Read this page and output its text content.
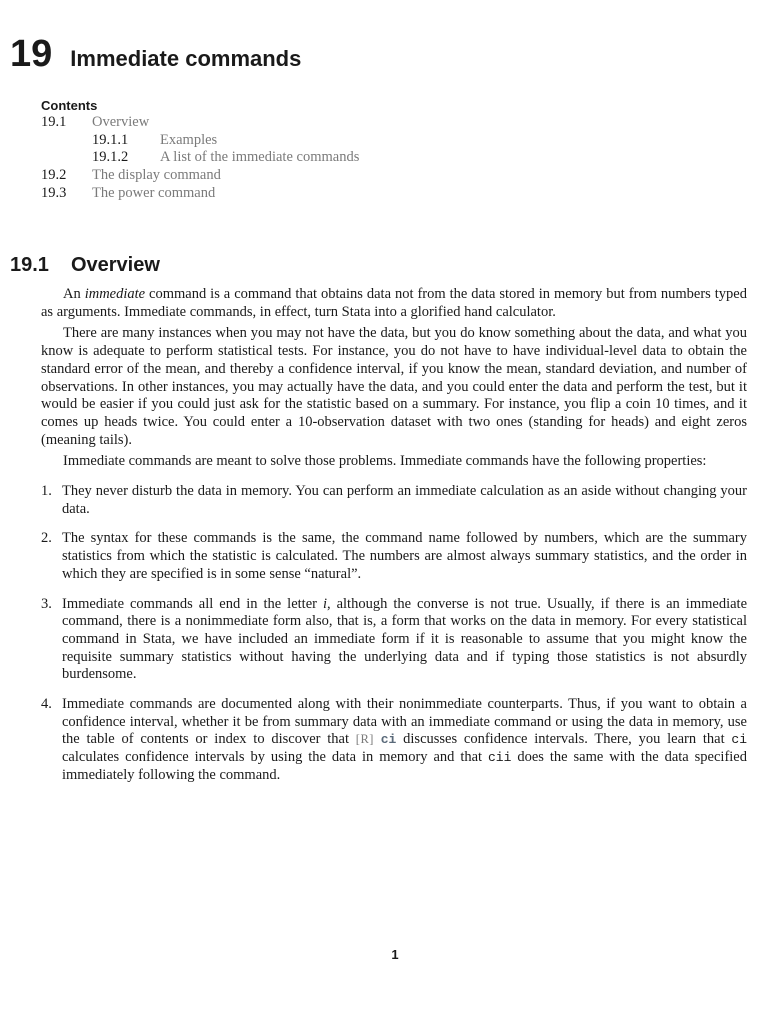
19 Immediate commands
Contents
19.1 Overview
19.1.1 Examples
19.1.2 A list of the immediate commands
19.2 The display command
19.3 The power command
19.1 Overview

An immediate command is a command that obtains data not from the data stored in memory but from numbers typed as arguments. Immediate commands, in effect, turn Stata into a glorified hand calculator.

There are many instances when you may not have the data, but you do know something about the data, and what you know is adequate to perform statistical tests. For instance, you do not have to have individual-level data to obtain the standard error of the mean, and thereby a confidence interval, if you know the mean, standard deviation, and number of observations. In other instances, you may actually have the data, and you could enter the data and perform the test, but it would be easier if you could just ask for the statistic based on a summary. For instance, you flip a coin 10 times, and it comes up heads twice. You could enter a 10-observation dataset with two ones (standing for heads) and eight zeros (meaning tails).

Immediate commands are meant to solve those problems. Immediate commands have the following properties:

1. They never disturb the data in memory. You can perform an immediate calculation as an aside without changing your data.
2. The syntax for these commands is the same, the command name followed by numbers, which are the summary statistics from which the statistic is calculated. The numbers are almost always summary statistics, and the order in which they are specified is in some sense “natural”.
3. Immediate commands all end in the letter i, although the converse is not true. Usually, if there is an immediate command, there is a nonimmediate form also, that is, a form that works on the data in memory. For every statistical command in Stata, we have included an immediate form if it is reasonable to assume that you might know the requisite summary statistics without having the underlying data and if typing those statistics is not absurdly burdensome.
4. Immediate commands are documented along with their nonimmediate counterparts. Thus, if you want to obtain a confidence interval, whether it be from summary data with an immediate command or using the data in memory, use the table of contents or index to discover that [R] ci discusses confidence intervals. There, you learn that ci calculates confidence intervals by using the data in memory and that cii does the same with the data specified immediately following the command.
1
